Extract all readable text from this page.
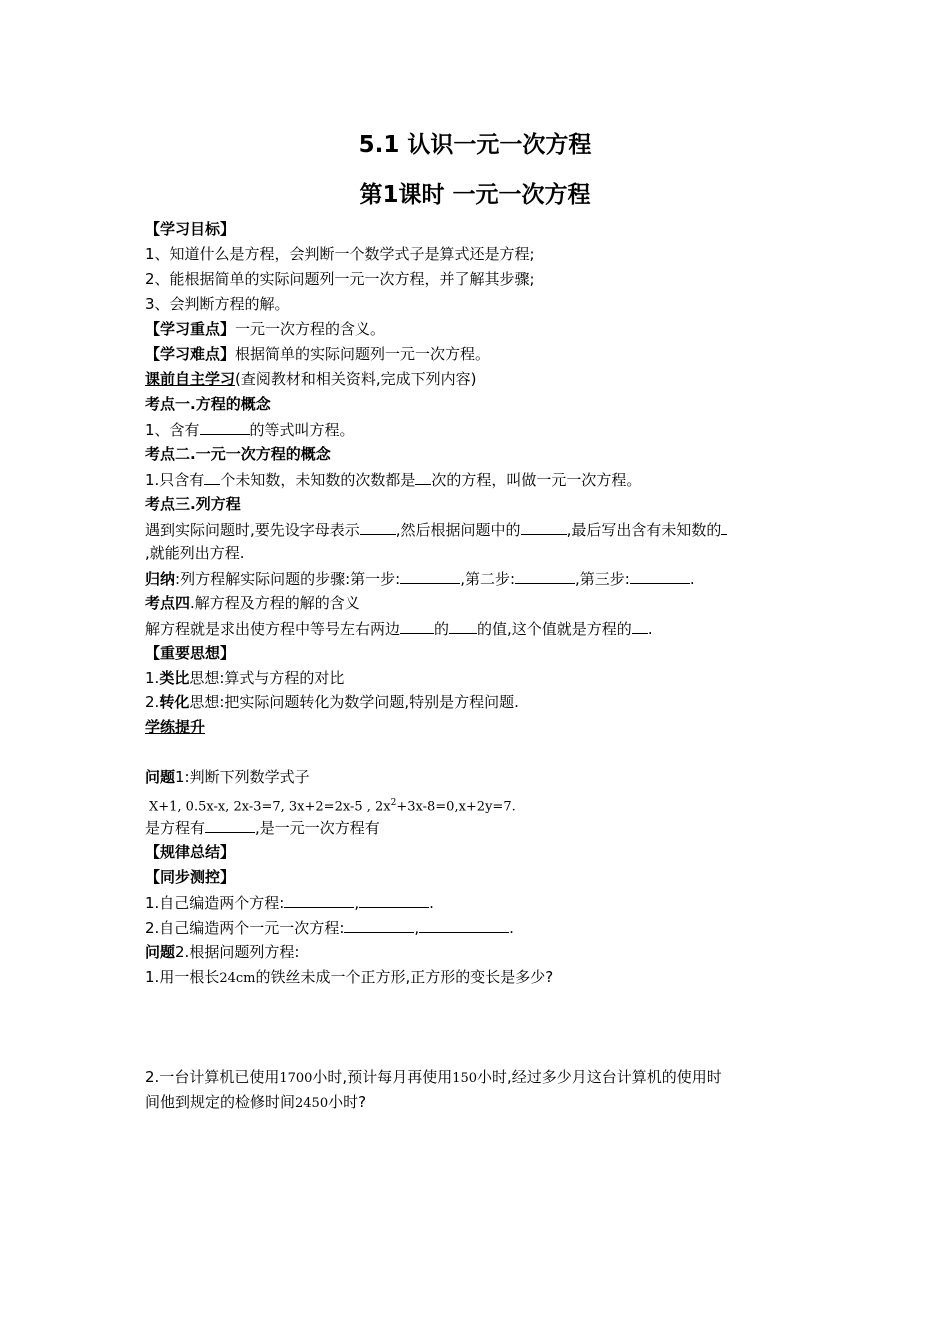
5.1 认识一元一次方程
第1课时 一元一次方程
【学习目标】
1、知道什么是方程，会判断一个数学式子是算式还是方程;
2、能根据简单的实际问题列一元一次方程，并了解其步骤;
3、会判断方程的解。
【学习重点】一元一次方程的含义。
【学习难点】根据简单的实际问题列一元一次方程。
课前自主学习(查阅教材和相关资料,完成下列内容)
考点一.方程的概念
1、含有	的等式叫方程。
考点二.一元一次方程的概念
1.只含有 个未知数，未知数的次数都是 次的方程，叫做一元一次方程。
考点三.列方程
遇到实际问题时,要先设字母表示 ,然后根据问题中的	,最后写出含有未知数的
,就能列出方程.
归纳:列方程解实际问题的步骤:第一步:	,第二步:	,第三步:	.
考点四.解方程及方程的解的含义
解方程就是求出使方程中等号左右两边 的 的值,这个值就是方程的 .
【重要思想】
1.类比思想:算式与方程的对比
2.转化思想:把实际问题转化为数学问题,特别是方程问题.
学练提升
问题1:判断下列数学式子
X+1, 0.5x-x, 2x-3=7, 3x+2=2x-5 , $2x^2+3x-8=0,x+2y=7$.
是方程有	,是一元一次方程有
【规律总结】
【同步测控】
1.自己编造两个方程:	,	.
2.自己编造两个一元一次方程:	,	.
问题2.根据问题列方程:
1.用一根长24cm的铁丝未成一个正方形,正方形的变长是多少?
2.一台计算机已使用1700小时,预计每月再使用150小时,经过多少月这台计算机的使用时
间他到规定的检修时间2450小时?
